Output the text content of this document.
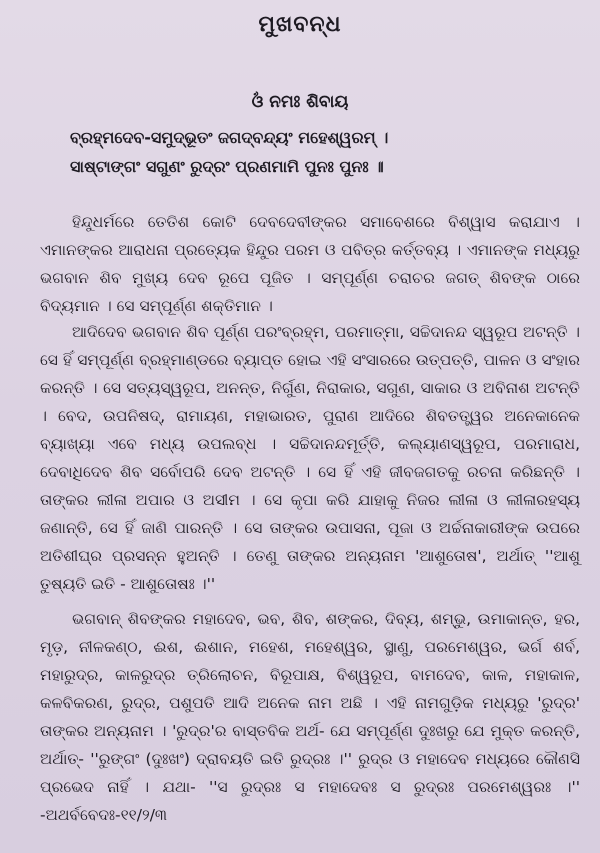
ମୁଖବନ୍ଧ
ଓଁ ନମଃ ଶିବାୟ
ବ୍ରହ୍ମଦେବ-ସମୁଦ୍‌ଭୂତଂ ଜଗଦ୍‌ବନ୍ଦ୍ୟଂ ମହେଶ୍ୱରମ୍ ।
ସାଷ୍ଟାଙ୍ଗଂ ସଗୁଣଂ ରୁଦ୍ରଂ ପ୍ରଣମାମି ପୁନଃ ପୁନଃ ॥

ହିନ୍ଦୁଧର୍ମରେ ତେତିଶ କୋଟି ଦେବଦେବୀଙ୍କର ସମାବେଶରେ ବିଶ୍ୱାସ କରାଯାଏ । ଏମାନଙ୍କର ଆରାଧନା ପ୍ରତ୍ୟେକ ହିନ୍ଦୁର ପରମ ଓ ପବିତ୍ର କର୍ତ୍ତବ୍ୟ । ଏମାନଙ୍କ ମଧ୍ୟରୁ ଭଗବାନ ଶିବ ମୁଖ୍ୟ ଦେବ ରୂପେ ପୂଜିତ । ସମ୍ପୂର୍ଣ୍ଣ ଚରାଚର ଜଗତ୍ ଶିବଙ୍କ ଠାରେ ବିଦ୍ୟମାନ । ସେ ସମ୍ପୂର୍ଣ୍ଣ ଶକ୍ତିମାନ ।

ଆଦିଦେବ ଭଗବାନ ଶିବ ପୂର୍ଣ୍ଣ ପରଂବ୍ରହ୍ମ, ପରମାତ୍ମା, ସଚ୍ଚିଦାନନ୍ଦ ସ୍ୱରୂପ ଅଟନ୍ତି । ସେ ହିଁ ସମ୍ପୂର୍ଣ୍ଣ ବ୍ରହ୍ମାଣ୍ଡରେ ବ୍ୟାପ୍ତ ହୋଇ ଏହି ସଂସାରରେ ଉତ୍ପତ୍ତି, ପାଳନ ଓ ସଂହାର କରନ୍ତି । ସେ ସତ୍ୟସ୍ୱରୂପ, ଅନନ୍ତ, ନିର୍ଗୁଣ, ନିରାକାର, ସଗୁଣ, ସାକାର ଓ ଅବିନାଶ ଅଟନ୍ତି । ବେଦ, ଉପନିଷଦ୍, ରାମାୟଣ, ମହାଭାରତ, ପୁରାଣ ଆଦିରେ ଶିବତତ୍ତ୍ୱର ଅନେକାନେକ ବ୍ୟାଖ୍ୟା ଏବେ ମଧ୍ୟ ଉପଲବ୍ଧ । ସଚ୍ଚିଦାନନ୍ଦମୂର୍ତ୍ତି, କଲ୍ୟାଣସ୍ୱରୂପ, ପରମାରାଧ, ଦେବାଧିଦେବ ଶିବ ସର୍ବୋପରି ଦେବ ଅଟନ୍ତି । ସେ ହିଁ ଏହି ଜୀବଜଗତକୁ ରଚନା କରିଛନ୍ତି । ତାଙ୍କର ଲୀଳା ଅପାର ଓ ଅସୀମ । ସେ କୃପା କରି ଯାହାକୁ ନିଜର ଲୀଳା ଓ ଲୀଳାରହସ୍ୟ ଜଣାନ୍ତି, ସେ ହିଁ ଜାଣି ପାରନ୍ତି । ସେ ତାଙ୍କର ଉପାସନା, ପୂଜା ଓ ଅର୍ଚ୍ଚନାକାରୀଙ୍କ ଉପରେ ଅତିଶୀଘ୍ର ପ୍ରସନ୍ନ ହୁଅନ୍ତି । ତେଣୁ ତାଙ୍କର ଅନ୍ୟନାମ 'ଆଶୁତୋଷ', ଅର୍ଥାତ୍ ''ଆଶୁ ତୁଷ୍ୟତି ଇତି - ଆଶୁତୋଷଃ ।''

ଭଗବାନ୍ ଶିବଙ୍କର ମହାଦେବ, ଭବ, ଶିବ, ଶଙ୍କର, ଦିବ୍ୟ, ଶମ୍ଭୁ, ଉମାକାନ୍ତ, ହର, ମୃଡ଼, ନୀଳକଣ୍ଠ, ଈଶ, ଈଶାନ, ମହେଶ, ମହେଶ୍ୱର, ସ୍ଥାଣୁ, ପରମେଶ୍ୱର, ଭର୍ଗ ଶର୍ବ, ମହାରୁଦ୍ର, କାଳରୁଦ୍ର ତ୍ରିଲୋଚନ, ବିରୂପାକ୍ଷ, ବିଶ୍ୱରୂପ, ବାମଦେବ, କାଳ, ମହାକାଳ, କଳବିକରଣ, ରୁଦ୍ର, ପଶୁପତି ଆଦି ଅନେକ ନାମ ଅଛି । ଏହି ନାମଗୁଡ଼ିକ ମଧ୍ୟରୁ 'ରୁଦ୍ର' ତାଙ୍କର ଅନ୍ୟନାମ । 'ରୁଦ୍ର'ର ବାସ୍ତବିକ ଅର୍ଥ- ଯେ ସମ୍ପୂର୍ଣ୍ଣ ଦୁଃଖରୁ ଯେ ମୁକ୍ତ କରନ୍ତି, ଅର୍ଥାତ୍- ''ରୁଙ୍ଗଂ (ଦୁଃଖଂ) ଦ୍ରାବୟତି ଇତି ରୁଦ୍ରଃ ।'' ରୁଦ୍ର ଓ ମହାଦେବ ମଧ୍ୟରେ କୌଣସି ପ୍ରଭେଦ ନାହିଁ । ଯଥା- ''ସ ରୁଦ୍ରଃ ସ ମହାଦେବଃ ସ ରୁଦ୍ରଃ ପରମେଶ୍ୱରଃ ।'' -ଅଥର୍ବବେଦଃ-୧୧/୨/୩
